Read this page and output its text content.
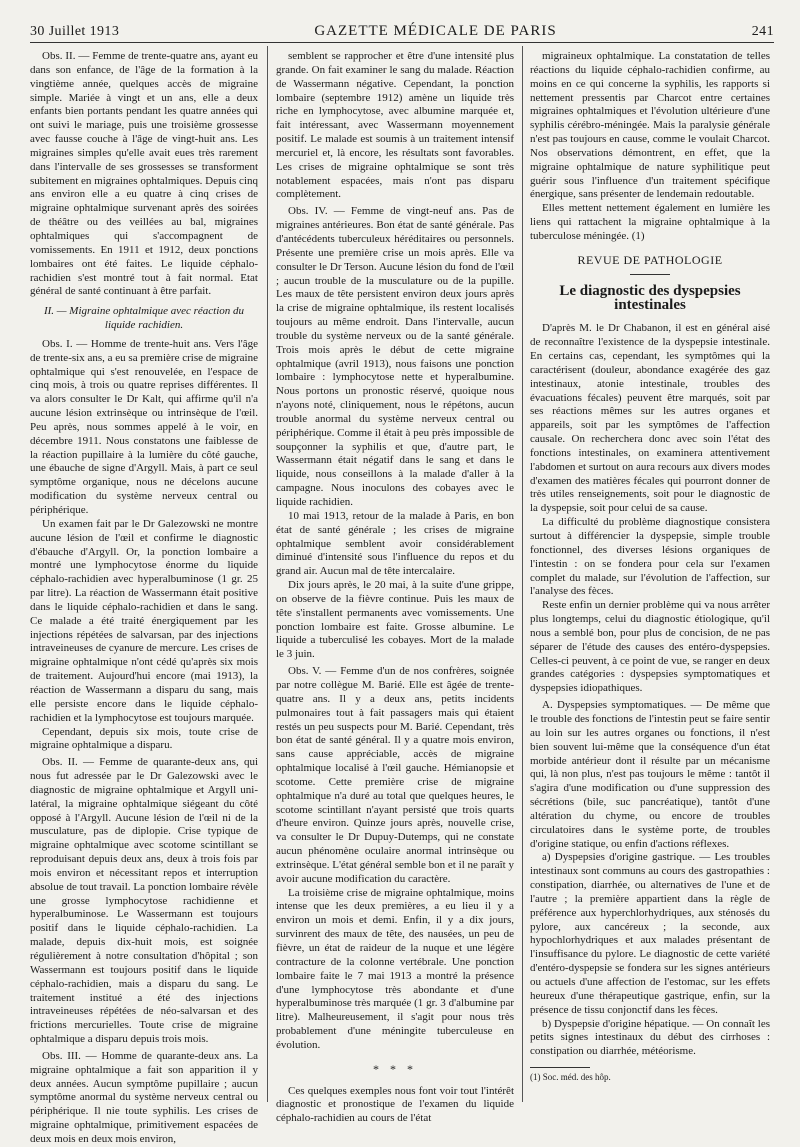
30 Juillet 1913	GAZETTE MÉDICALE DE PARIS	241

Obs. II. — Femme de trente-quatre ans, ayant eu dans son enfance, de l'âge de la formation à la vingtième année, quelques accès de migraine simple. Mariée à vingt et un ans, elle a deux enfants bien portants pendant les quatre années qui ont suivi le mariage, puis une troisième grossesse avec fausse couche à l'âge de vingt-huit ans. Les migraines simples qu'elle avait eues très rarement dans l'intervalle de ses grossesses se transforment subitement en migraines ophtalmiques. Depuis cinq ans environ elle a eu quatre à cinq crises de migraine ophtalmique survenant après des soirées de théâtre ou des veillées au bal, migraines ophtalmiques qui s'accompagnent de vomissements. En 1911 et 1912, deux ponctions lombaires ont été faites. Le liquide céphalo-rachidien s'est montré tout à fait normal. Etat général de santé continuant à être parfait.

II. — Migraine ophtalmique avec réaction du liquide rachidien.

Obs. I. — Homme de trente-huit ans. Vers l'âge de trente-six ans, a eu sa première crise de migraine ophtalmique qui s'est renouvelée, en l'espace de cinq mois, à trois ou quatre reprises différentes. Il va alors consulter le Dr Kalt, qui affirme qu'il n'a aucune lésion extrinsèque ou intrinsèque de l'œil. Peu après, nous sommes appelé à le voir, en décembre 1911. Nous constatons une faiblesse de la réaction pupillaire à la lumière du côté gauche, une ébauche de signe d'Argyll. Mais, à part ce seul symptôme organique, nous ne décelons aucune modification du système nerveux central ou périphérique.

Un examen fait par le Dr Galezowski ne montre aucune lésion de l'œil et confirme le diagnostic d'ébauche d'Argyll. Or, la ponction lombaire a montré une lymphocytose énorme du liquide céphalo-rachidien avec hyperalbuminose (1 gr. 25 par litre). La réaction de Wassermann était positive dans le liquide céphalo-rachidien et dans le sang. Ce malade a été traité énergiquement par les injections répétées de salvarsan, par des injections intraveineuses de cyanure de mercure. Les crises de migraine ophtalmique n'ont cédé qu'après six mois de traitement. Aujourd'hui encore (mai 1913), la réaction de Wassermann a disparu du sang, mais elle persiste encore dans le liquide céphalo-rachidien et la lymphocytose est toujours marquée.

Cependant, depuis six mois, toute crise de migraine ophtalmique a disparu.

Obs. II. — Femme de quarante-deux ans, qui nous fut adressée par le Dr Galezowski avec le diagnostic de migraine ophtalmique et Argyll uni-latéral, la migraine ophtalmique siégeant du côté opposé à l'Argyll. Aucune lésion de l'œil ni de la musculature, pas de diplopie. Crise typique de migraine ophtalmique avec scotome scintillant se reproduisant depuis deux ans, deux à trois fois par mois environ et nécessitant repos et interruption absolue de tout travail. La ponction lombaire révèle une grosse lymphocytose rachidienne et hyperalbuminose. Le Wassermann est toujours positif dans le liquide céphalo-rachidien. La malade, depuis dix-huit mois, est soignée régulièrement à notre consultation d'hôpital ; son Wassermann est toujours positif dans le liquide céphalo-rachidien, mais a disparu du sang. Le traitement institué a été des injections intraveineuses répétées de néo-salvarsan et des frictions mercurielles. Toute crise de migraine ophtalmique a disparu depuis trois mois.

Obs. III. — Homme de quarante-deux ans. La migraine ophtalmique a fait son apparition il y deux années. Aucun symptôme pupillaire ; aucun symptôme anormal du système nerveux central ou périphérique. Il nie toute syphilis. Les crises de migraine ophtalmique, primitivement espacées de deux mois en deux mois environ,

semblent se rapprocher et être d'une intensité plus grande. On fait examiner le sang du malade. Réaction de Wassermann négative. Cependant, la ponction lombaire (septembre 1912) amène un liquide très riche en lymphocytose, avec albumine marquée et, fait intéressant, avec Wassermann moyennement positif. Le malade est soumis à un traitement intensif mercuriel et, là encore, les résultats sont favorables. Les crises de migraine ophtalmique se sont très notablement espacées, mais n'ont pas disparu complètement.

Obs. IV. — Femme de vingt-neuf ans. Pas de migraines antérieures. Bon état de santé générale. Pas d'antécédents tuberculeux héréditaires ou personnels. Présente une première crise un mois après. Elle va consulter le Dr Terson. Aucune lésion du fond de l'œil ; aucun trouble de la musculature ou de la pupille. Les maux de tête persistent environ deux jours après la crise de migraine ophtalmique, ils restent localisés toujours au même endroit. Dans l'intervalle, aucun trouble du système nerveux ou de la santé générale. Trois mois après le début de cette migraine ophtalmique (avril 1913), nous faisons une ponction lombaire : lymphocytose nette et hyperalbumine. Nous portons un pronostic réservé, quoique nous n'ayons noté, cliniquement, nous le répétons, aucun trouble anormal du système nerveux central ou périphérique. Comme il était à peu près impossible de soupçonner la syphilis et que, d'autre part, le Wassermann était négatif dans le sang et dans le liquide, nous conseillons à la malade d'aller à la campagne. Nous inoculons des cobayes avec le liquide rachidien.

10 mai 1913, retour de la malade à Paris, en bon état de santé générale ; les crises de migraine ophtalmique semblent avoir considérablement diminué d'intensité sous l'influence du repos et du grand air. Aucun mal de tête intercalaire.

Dix jours après, le 20 mai, à la suite d'une grippe, on observe de la fièvre continue. Puis les maux de tête s'installent permanents avec vomissements. Une ponction lombaire est faite. Grosse albumine. Le liquide a tuberculisé les cobayes. Mort de la malade le 3 juin.

Obs. V. — Femme d'un de nos confrères, soignée par notre collègue M. Barié. Elle est âgée de trente-quatre ans. Il y a deux ans, petits incidents pulmonaires tout à fait passagers mais qui étaient restés un peu suspects pour M. Barié. Cependant, très bon état de santé général. Il y a quatre mois environ, sans cause appréciable, accès de migraine ophtalmique localisé à l'œil gauche. Hémianopsie et scotome. Cette première crise de migraine ophtalmique n'a duré au total que quelques heures, le scotome scintillant n'ayant persisté que trois quarts d'heure environ. Quinze jours après, nouvelle crise, va consulter le Dr Dupuy-Dutemps, qui ne constate aucun phénomène oculaire anormal intrinsèque ou extrinsèque. L'état général semble bon et il ne paraît y avoir aucune modification du caractère.

La troisième crise de migraine ophtalmique, moins intense que les deux premières, a eu lieu il y a environ un mois et demi. Enfin, il y a dix jours, survinrent des maux de tête, des nausées, un peu de fièvre, un état de raideur de la nuque et une légère contracture de la colonne vertébrale. Une ponction lombaire faite le 7 mai 1913 a montré la présence d'une lymphocytose très abondante et d'une hyperalbuminose très marquée (1 gr. 3 d'albumine par litre). Malheureusement, il s'agit pour nous très probablement d'une méningite tuberculeuse en évolution.

* * *

Ces quelques exemples nous font voir tout l'intérêt diagnostic et pronostique de l'examen du liquide céphalo-rachidien au cours de l'état

migraineux ophtalmique. La constatation de telles réactions du liquide céphalo-rachidien confirme, au moins en ce qui concerne la syphilis, les rapports si nettement pressentis par Charcot entre certaines migraines ophtalmiques et l'évolution ultérieure d'une syphilis cérébro-méningée. Mais la paralysie générale n'est pas toujours en cause, comme le voulait Charcot. Nos observations démontrent, en effet, que la migraine ophtalmique de nature syphilitique peut guérir sous l'influence d'un traitement spécifique énergique, sans présenter de lendemain redoutable.

Elles mettent nettement également en lumière les liens qui rattachent la migraine ophtalmique à la tuberculose méningée. (1)

REVUE DE PATHOLOGIE

Le diagnostic des dyspepsies intestinales

D'après M. le Dr Chabanon, il est en général aisé de reconnaître l'existence de la dyspepsie intestinale. En certains cas, cependant, les symptômes qui la caractérisent (douleur, abondance exagérée des gaz intestinaux, atonie intestinale, troubles des évacuations fécales) peuvent être marqués, soit par ses réactions mêmes sur les autres organes et appareils, soit par les symptômes de l'affection causale. On recherchera donc avec soin l'état des fonctions intestinales, on examinera attentivement l'abdomen et surtout on aura recours aux divers modes d'examen des matières fécales qui pourront donner de très utiles renseignements, soit pour le diagnostic de la dyspepsie, soit pour celui de sa cause.

La difficulté du problème diagnostique consistera surtout à différencier la dyspepsie, simple trouble fonctionnel, des diverses lésions organiques de l'intestin : on se fondera pour cela sur l'examen complet du malade, sur l'évolution de l'affection, sur l'analyse des fèces.

Reste enfin un dernier problème qui va nous arrêter plus longtemps, celui du diagnostic étiologique, qu'il nous a semblé bon, pour plus de concision, de ne pas séparer de l'étude des causes des entéro-dyspepsies. Celles-ci peuvent, à ce point de vue, se ranger en deux grandes catégories : dyspepsies symptomatiques et dyspepsies idiopathiques.

A. Dyspepsies symptomatiques. — De même que le trouble des fonctions de l'intestin peut se faire sentir au loin sur les autres organes ou fonctions, il n'est bien souvent lui-même que la conséquence d'un état morbide antérieur dont il résulte par un mécanisme qui, là non plus, n'est pas toujours le même : tantôt il s'agira d'une modification ou d'une suppression des sécrétions (bile, suc pancréatique), tantôt d'une altération du chyme, ou encore de troubles circulatoires dans le système porte, de troubles d'origine statique, ou enfin d'actions réflexes.

a) Dyspepsies d'origine gastrique. — Les troubles intestinaux sont communs au cours des gastropathies : constipation, diarrhée, ou alternatives de l'une et de l'autre ; la première appartient dans la règle de préférence aux hyperchlorhydriques, aux sténosés du pylore, aux cancéreux ; la seconde, aux hypochlorhydriques et aux malades présentant de l'insuffisance du pylore. Le diagnostic de cette variété d'entéro-dyspepsie se fondera sur les signes antérieurs ou actuels d'une affection de l'estomac, sur les effets heureux d'une thérapeutique gastrique, enfin, sur la présence de tissu conjonctif dans les fèces.

b) Dyspepsie d'origine hépatique. — On connaît les petits signes intestinaux du début des cirrhoses : constipation ou diarrhée, météorisme.

(1) Soc. méd. des hôp.
